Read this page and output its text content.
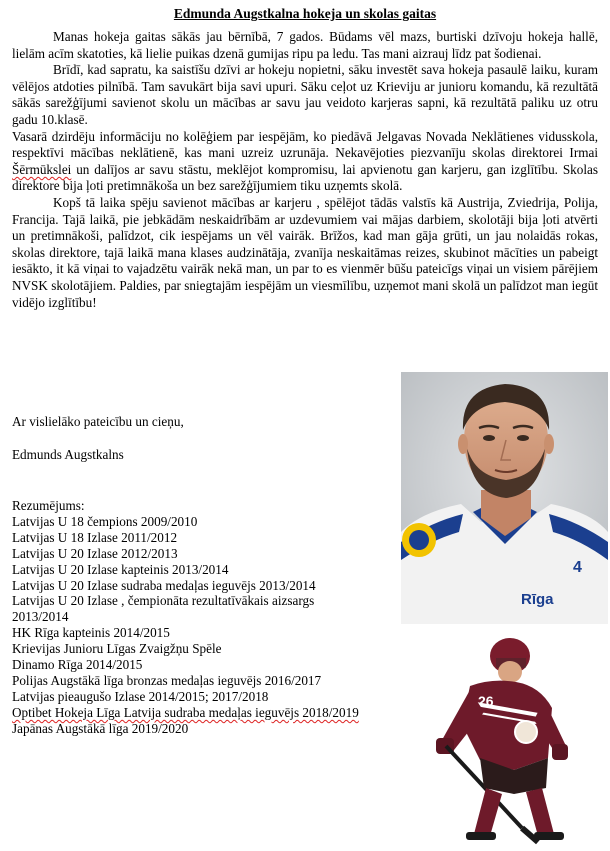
Edmunda Augstkalna hokeja un skolas gaitas

Manas hokeja gaitas sākās jau bērnībā, 7 gados. Būdams vēl mazs, burtiski dzīvoju hokeja hallē, lielām acīm skatoties, kā lielie puikas dzenā gumijas ripu pa ledu. Tas mani aizrauj līdz pat šodienai.

Brīdī, kad sapratu, ka saistīšu dzīvi ar hokeju nopietni, sāku investēt sava hokeja pasaulē laiku, kuram vēlējos atdoties pilnībā. Tam savukārt bija savi upuri. Sāku ceļot uz Krieviju ar junioru komandu, kā rezultātā sākās sarežģījumi savienot skolu un mācības ar savu jau veidoto karjeras sapni, kā rezultātā paliku uz otru gadu 10.klasē.

Vasarā dzirdēju informāciju no kolēģiem par iespējām, ko piedāvā Jelgavas Novada Neklātienes vidusskola, respektīvi mācības neklātienē, kas mani uzreiz uzrunāja. Nekavējoties piezvanīju skolas direktorei Irmai Šērmūkslei un dalījos ar savu stāstu, meklējot kompromisu, lai apvienotu gan karjeru, gan izglītību. Skolas direktore bija ļoti pretimnākoša un bez sarežģījumiem tiku uzņemts skolā.

Kopš tā laika spēju savienot mācības ar karjeru , spēlējot tādās valstīs kā Austrija, Zviedrija, Polija, Francija. Tajā laikā, pie jebkādām neskaidrībām ar uzdevumiem vai mājas darbiem, skolotāji bija ļoti atvērti un pretimnākoši, palīdzot, cik iespējams un vēl vairāk. Brīžos, kad man gāja grūti, un jau nolaidās rokas, skolas direktore, tajā laikā mana klases audzinātāja, zvanīja neskaitāmas reizes, skubinot mācīties un pabeigt iesākto, it kā viņai to vajadzētu vairāk nekā man, un par to es vienmēr būšu pateicīgs viņai un visiem pārējiem NVSK skolotājiem. Paldies, par sniegtajām iespējām un viesmīlību, uzņemot mani skolā un palīdzot man iegūt vidējo izglītību!

Ar vislielāko pateicību un cieņu,
Edmunds Augstkalns
Rezumējums:
Latvijas U 18 čempions 2009/2010
Latvijas U 18 Izlase 2011/2012
Latvijas U 20 Izlase 2012/2013
Latvijas U 20 Izlase kapteinis 2013/2014
Latvijas U 20 Izlase sudraba medaļas ieguvējs 2013/2014
Latvijas U 20 Izlase , čempionāta rezultatīvākais aizsargs 2013/2014
HK Rīga kapteinis 2014/2015
Krievijas Junioru Līgas Zvaigžņu Spēle
Dinamo Rīga 2014/2015
Polijas Augstākā līga bronzas medaļas ieguvējs 2016/2017
Latvijas pieaugušo Izlase 2014/2015; 2017/2018
Optibet Hokeja Līga Latvija sudraba medaļas ieguvējs 2018/2019
Japānas Augstākā līga 2019/2020
Rīga
4
26
